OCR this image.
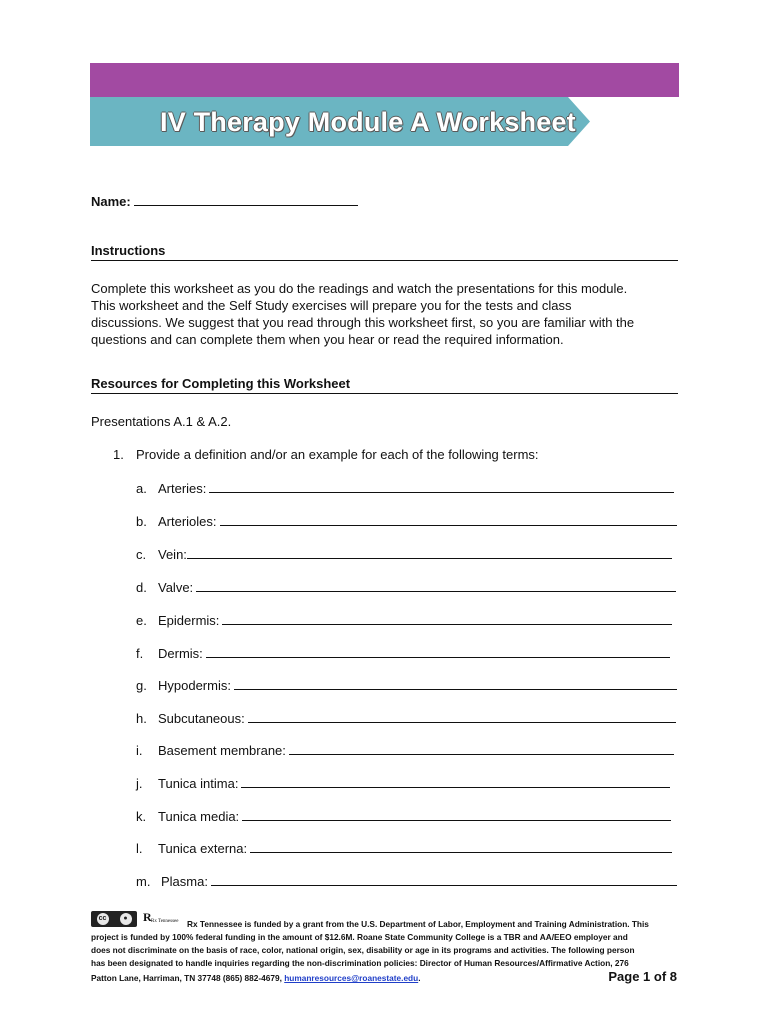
IV Therapy Module A Worksheet
Name:
Instructions
Complete this worksheet as you do the readings and watch the presentations for this module.
This worksheet and the Self Study exercises will prepare you for the tests and class
discussions. We suggest that you read through this worksheet first, so you are familiar with the
questions and can complete them when you hear or read the required information.
Resources for Completing this Worksheet
Presentations A.1 & A.2.
1. Provide a definition and/or an example for each of the following terms:
a. Arteries:
b. Arterioles:
c. Vein:
d. Valve:
e. Epidermis:
f.	Dermis:
g. Hypodermis:
h. Subcutaneous:
i.	Basement membrane:
j.	Tunica intima:
k. Tunica media:
l.	Tunica externa:
m. Plasma:
cc	●	R Rx Tennessee Rx Tennessee is funded by a grant from the U.S. Department of Labor, Employment and Training Administration. This
project is funded by 100% federal funding in the amount of $12.6M. Roane State Community College is a TBR and AA/EEO employer and
does not discriminate on the basis of race, color, national origin, sex, disability or age in its programs and activities. The following person
has been designated to handle inquiries regarding the non-discrimination policies: Director of Human Resources/Affirmative Action, 276
Patton Lane, Harriman, TN 37748 (865) 882-4679, humanresources@roanestate.edu.	Page 1 of 8
